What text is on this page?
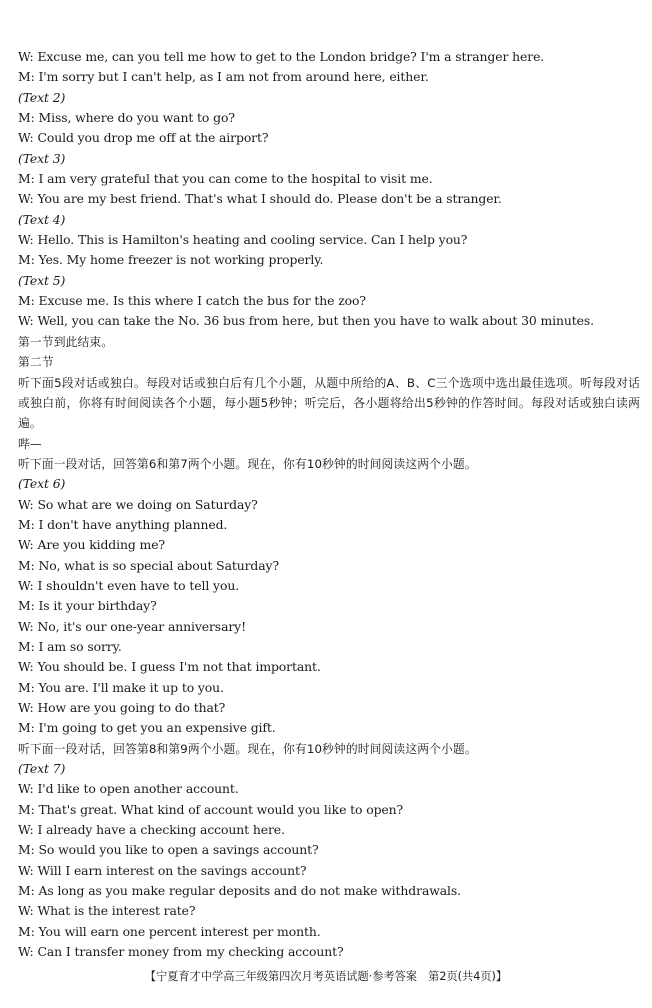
W: Excuse me, can you tell me how to get to the London bridge? I'm a stranger here.
M: I'm sorry but I can't help, as I am not from around here, either.
(Text 2)
M: Miss, where do you want to go?
W: Could you drop me off at the airport?
(Text 3)
M: I am very grateful that you can come to the hospital to visit me.
W: You are my best friend. That's what I should do. Please don't be a stranger.
(Text 4)
W: Hello. This is Hamilton's heating and cooling service. Can I help you?
M: Yes. My home freezer is not working properly.
(Text 5)
M: Excuse me. Is this where I catch the bus for the zoo?
W: Well, you can take the No. 36 bus from here, but then you have to walk about 30 minutes.
第一节到此结束。
第二节
听下面5段对话或独白。每段对话或独白后有几个小题，从题中所给的A、B、C三个选项中选出最佳选项。听每段对话或独白前，你将有时间阅读各个小题，每小题5秒钟；听完后，各小题将给出5秒钟的作答时间。每段对话或独白读两遍。
哔—
听下面一段对话，回答第6和第7两个小题。现在，你有10秒钟的时间阅读这两个小题。
(Text 6)
W: So what are we doing on Saturday?
M: I don't have anything planned.
W: Are you kidding me?
M: No, what is so special about Saturday?
W: I shouldn't even have to tell you.
M: Is it your birthday?
W: No, it's our one-year anniversary!
M: I am so sorry.
W: You should be. I guess I'm not that important.
M: You are. I'll make it up to you.
W: How are you going to do that?
M: I'm going to get you an expensive gift.
听下面一段对话，回答第8和第9两个小题。现在，你有10秒钟的时间阅读这两个小题。
(Text 7)
W: I'd like to open another account.
M: That's great. What kind of account would you like to open?
W: I already have a checking account here.
M: So would you like to open a savings account?
W: Will I earn interest on the savings account?
M: As long as you make regular deposits and do not make withdrawals.
W: What is the interest rate?
M: You will earn one percent interest per month.
W: Can I transfer money from my checking account?
【宁夏育才中学高三年级第四次月考英语试题·参考答案　第2页(共4页)】
